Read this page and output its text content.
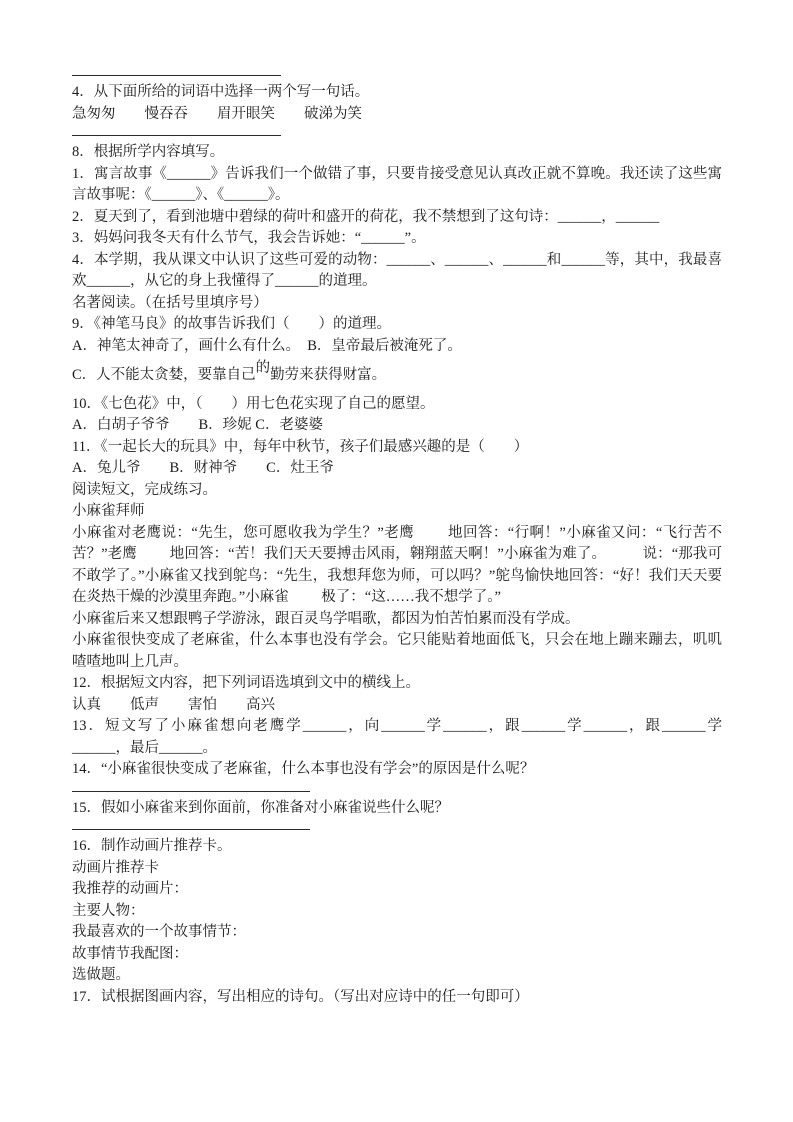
4．从下面所给的词语中选择一两个写一句话。

急匆匆　　慢吞吞　　眉开眼笑　　破涕为笑

8．根据所学内容填写。

1．寓言故事《______》告诉我们一个做错了事，只要肯接受意见认真改正就不算晚。我还读了这些寓言故事呢：《______》、《______》。

2．夏天到了，看到池塘中碧绿的荷叶和盛开的荷花，我不禁想到了这句诗：______，______

3．妈妈问我冬天有什么节气，我会告诉她：“______”。

4．本学期，我从课文中认识了这些可爱的动物：______、______、______和______等，其中，我最喜欢______，从它的身上我懂得了______的道理。

名著阅读。（在括号里填序号）

9．《神笔马良》的故事告诉我们（　　）的道理。

A．神笔太神奇了，画什么有什么。　B．皇帝最后被淹死了。

C．人不能太贪婪，要靠自己的勤劳来获得财富。

10．《七色花》中，（　　）用七色花实现了自己的愿望。

A．白胡子爷爷　　B．珍妮 C．老婆婆

11．《一起长大的玩具》中，每年中秋节，孩子们最感兴趣的是（　　）

A．兔儿爷　　B．财神爷　　C．灶王爷

阅读短文，完成练习。

小麻雀拜师

小麻雀对老鹰说：“先生，您可愿收我为学生？”老鹰　　 地回答：“行啊！”小麻雀又问：“飞行苦不苦？”老鹰　　 地回答：“苦！我们天天要搏击风雨，翱翔蓝天啊！”小麻雀为难了。　　　说：“那我可不敢学了。”小麻雀又找到鸵鸟：“先生，我想拜您为师，可以吗？”鸵鸟愉快地回答：“好！我们天天要在炎热干燥的沙漠里奔跑。”小麻雀　　 极了：“这……我不想学了。”

小麻雀后来又想跟鸭子学游泳，跟百灵鸟学唱歌，都因为怕苦怕累而没有学成。

小麻雀很快变成了老麻雀，什么本事也没有学会。它只能贴着地面低飞，只会在地上蹦来蹦去，叽叽喳喳地叫上几声。

12．根据短文内容，把下列词语选填到文中的横线上。

认真　　低声　　害怕　　高兴

13．短文写了小麻雀想向老鹰学______，向______学______，跟______学______，跟______学______，最后______。

14．“小麻雀很快变成了老麻雀，什么本事也没有学会”的原因是什么呢？

15．假如小麻雀来到你面前，你准备对小麻雀说些什么呢？

16．制作动画片推荐卡。

动画片推荐卡

我推荐的动画片：

主要人物：

我最喜欢的一个故事情节：

故事情节我配图：

选做题。

17．试根据图画内容，写出相应的诗句。（写出对应诗中的任一句即可）
